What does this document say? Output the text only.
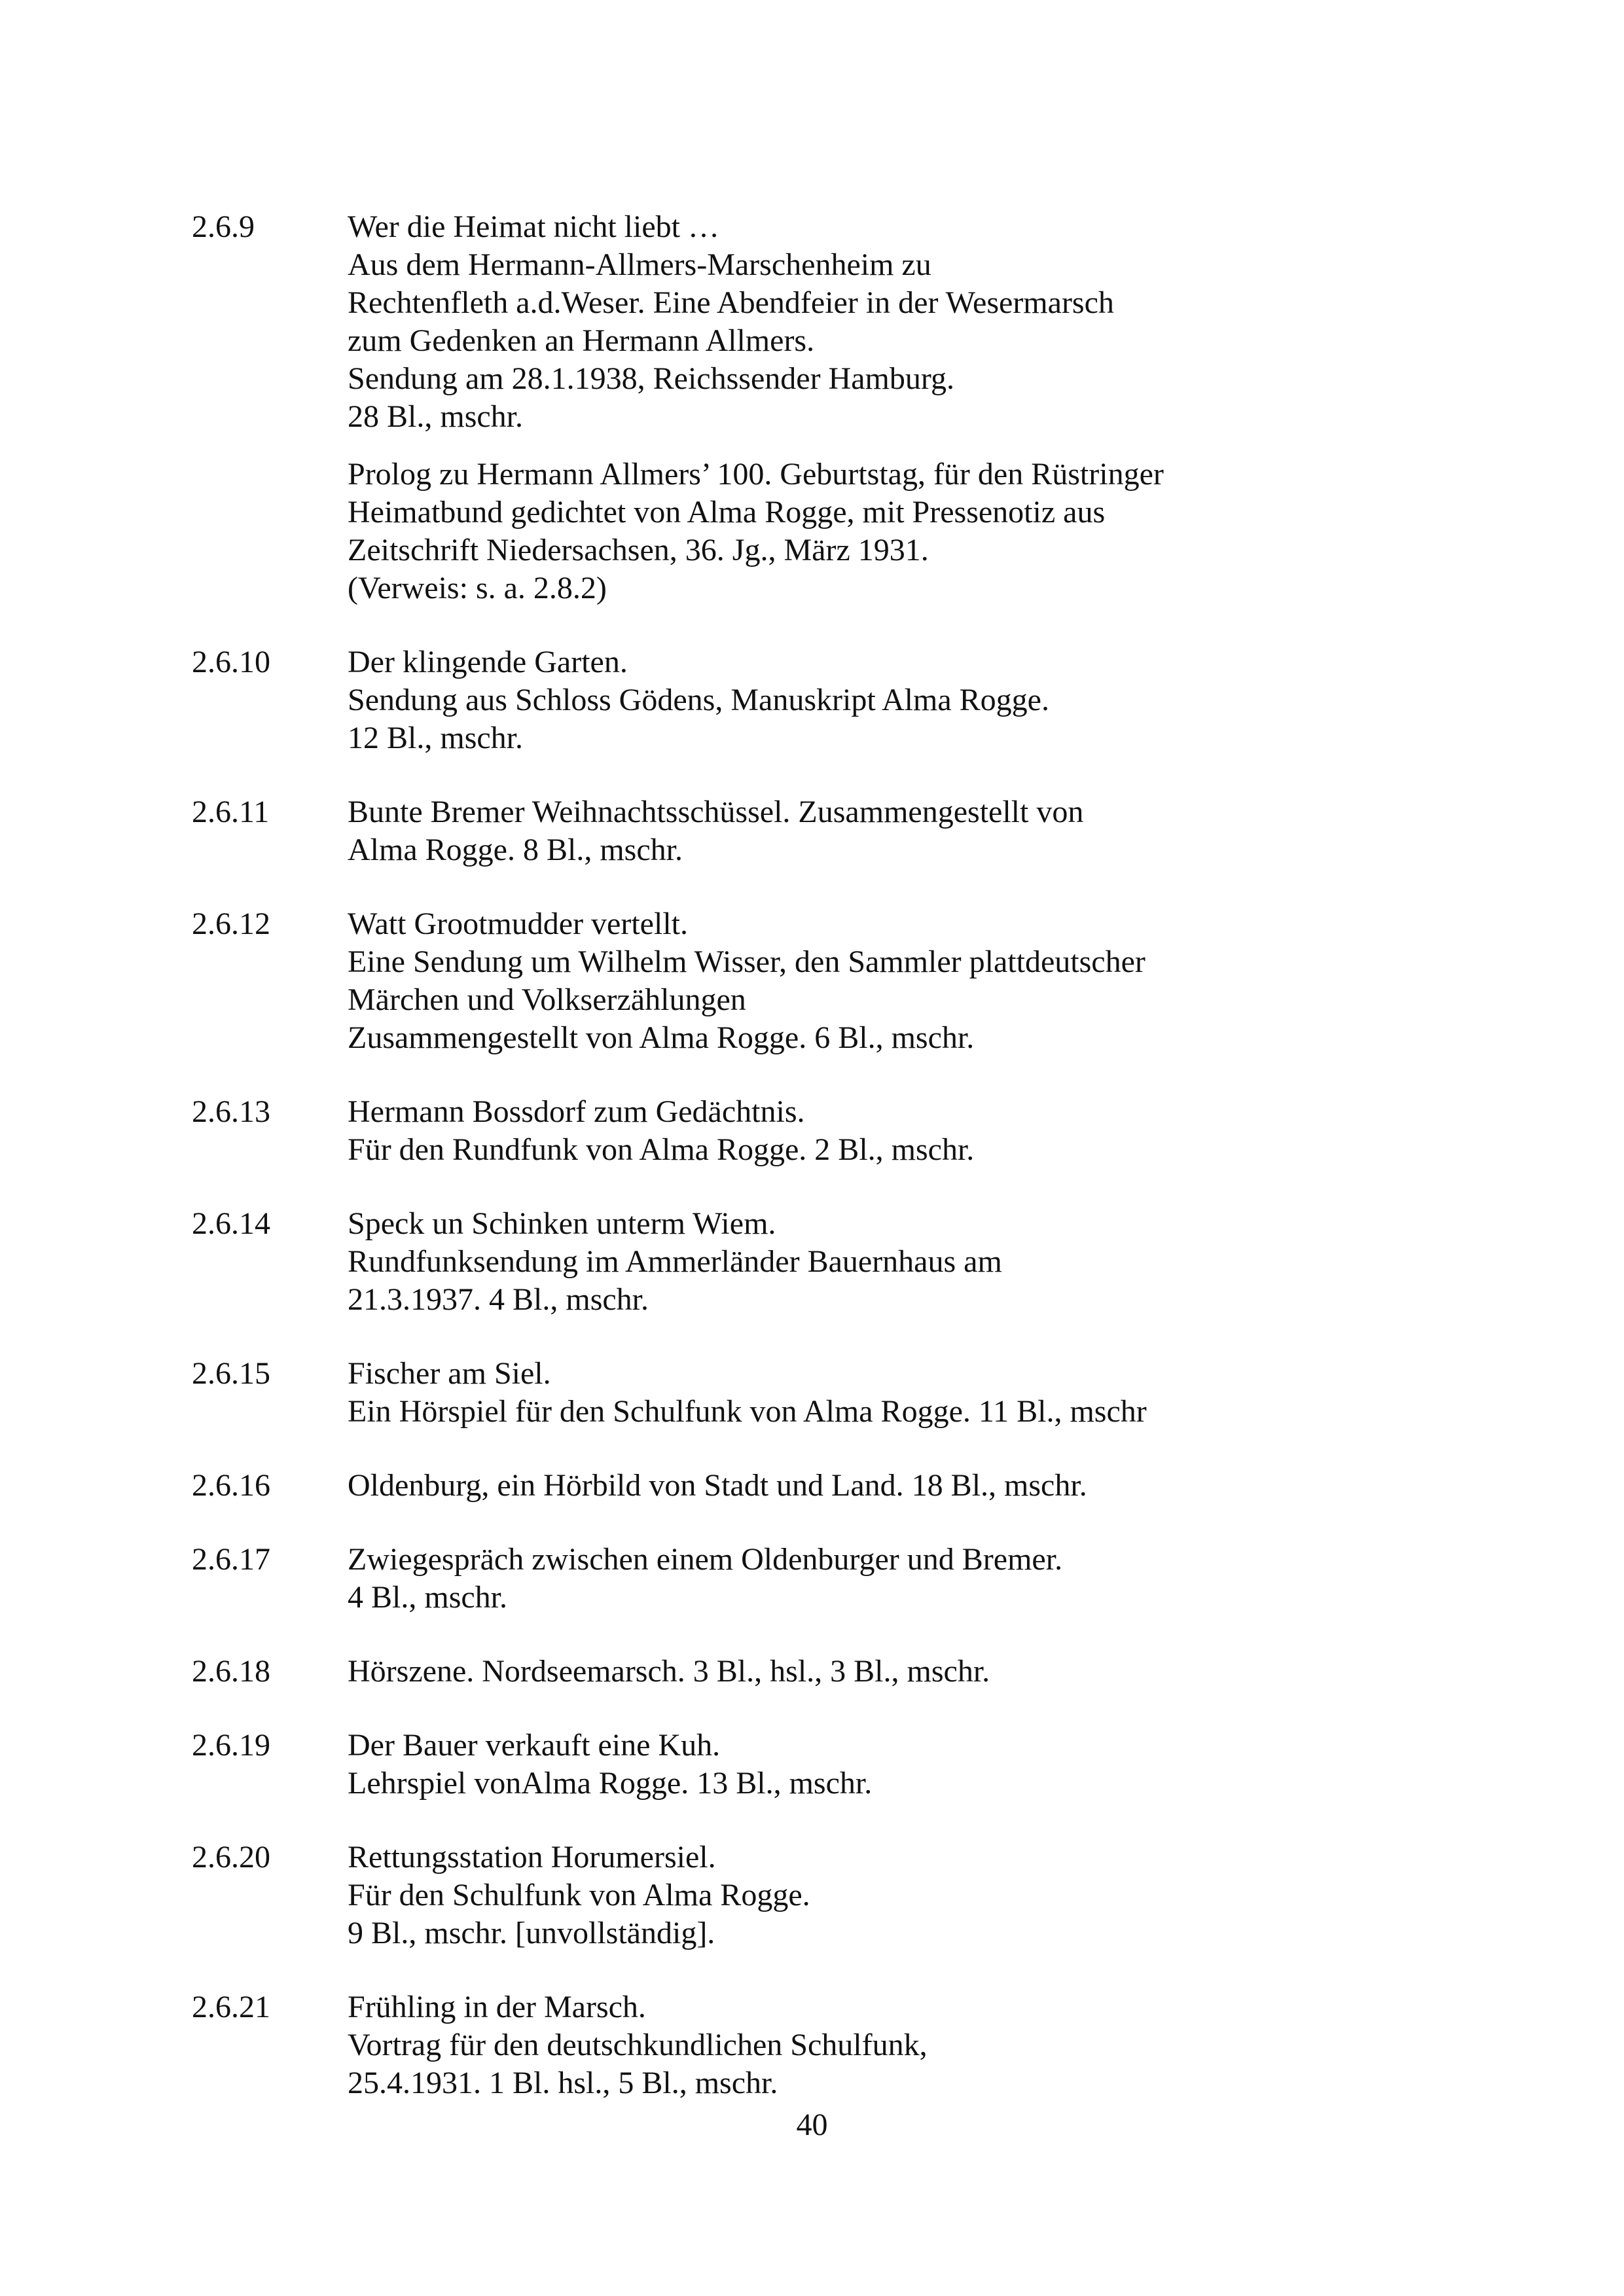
2.6.9	Wer die Heimat nicht liebt …
Aus dem Hermann-Allmers-Marschenheim zu
Rechtenfleth a.d.Weser. Eine Abendfeier in der Wesermarsch
zum Gedenken an Hermann Allmers.
Sendung am 28.1.1938, Reichssender Hamburg.
28 Bl., mschr.
Prolog zu Hermann Allmers’ 100. Geburtstag, für den Rüstringer
Heimatbund gedichtet von Alma Rogge, mit Pressenotiz aus
Zeitschrift Niedersachsen, 36. Jg., März 1931.
(Verweis: s. a. 2.8.2)
2.6.10	Der klingende Garten.
Sendung aus Schloss Gödens, Manuskript Alma Rogge.
12 Bl., mschr.
2.6.11	Bunte Bremer Weihnachtsschüssel. Zusammengestellt von
Alma Rogge. 8 Bl., mschr.
2.6.12	Watt Grootmudder vertellt.
Eine Sendung um Wilhelm Wisser, den Sammler plattdeutscher
Märchen und Volkserzählungen
Zusammengestellt von Alma Rogge. 6 Bl., mschr.
2.6.13	Hermann Bossdorf zum Gedächtnis.
Für den Rundfunk von Alma Rogge. 2 Bl., mschr.
2.6.14	Speck un Schinken unterm Wiem.
Rundfunksendung im Ammerländer Bauernhaus am
21.3.1937. 4 Bl., mschr.
2.6.15	Fischer am Siel.
Ein Hörspiel für den Schulfunk von Alma Rogge. 11 Bl., mschr
2.6.16	Oldenburg, ein Hörbild von Stadt und Land. 18 Bl., mschr.
2.6.17	Zwiegespräch zwischen einem Oldenburger und Bremer.
4 Bl., mschr.
2.6.18	Hörszene. Nordseemarsch. 3 Bl., hsl., 3 Bl., mschr.
2.6.19	Der Bauer verkauft eine Kuh.
Lehrspiel vonAlma Rogge. 13 Bl., mschr.
2.6.20	Rettungsstation Horumersiel.
Für den Schulfunk von Alma Rogge.
9 Bl., mschr. [unvollständig].
2.6.21	Frühling in der Marsch.
Vortrag für den deutschkundlichen Schulfunk,
25.4.1931. 1 Bl. hsl., 5 Bl., mschr.
40
